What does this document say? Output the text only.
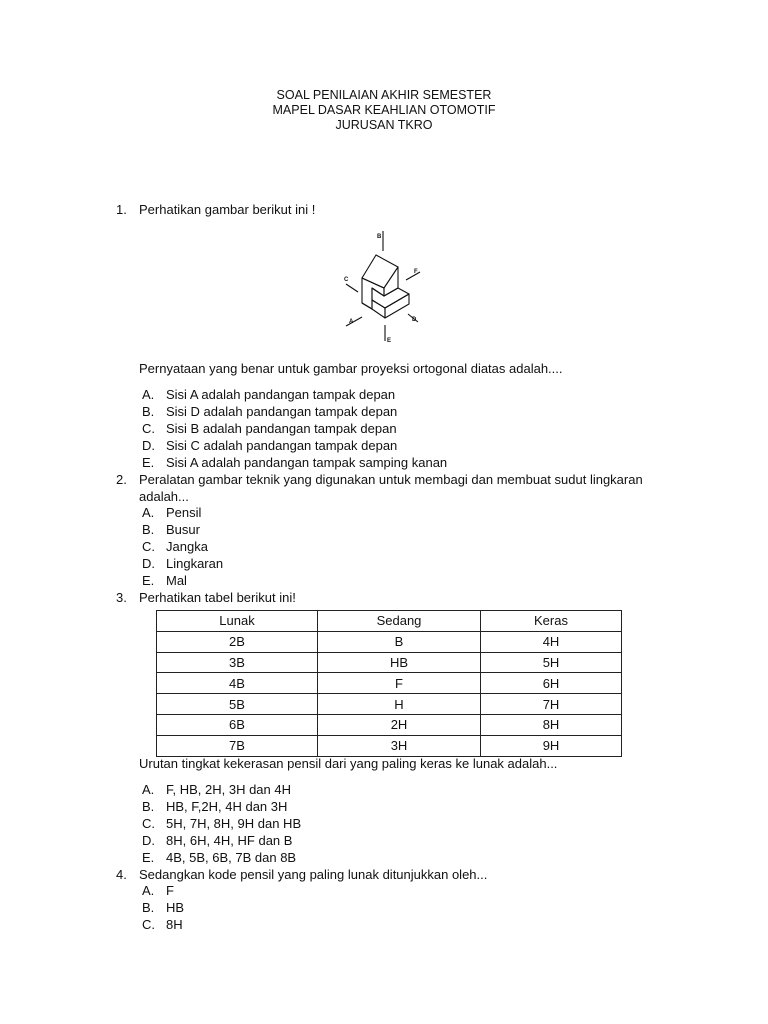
SOAL PENILAIAN AKHIR SEMESTER
MAPEL DASAR KEAHLIAN OTOMOTIF
JURUSAN TKRO
1. Perhatikan gambar berikut ini !
B
C
F
A	D
E
Pernyataan yang benar untuk gambar proyeksi ortogonal diatas adalah....
A. Sisi A adalah pandangan tampak depan
B. Sisi D adalah pandangan tampak depan
C. Sisi B adalah pandangan tampak depan
D. Sisi C adalah pandangan tampak depan
E. Sisi A adalah pandangan tampak samping kanan
2. Peralatan gambar teknik yang digunakan untuk membagi dan membuat sudut lingkaran
adalah...
A. Pensil
B. Busur
C. Jangka
D. Lingkaran
E. Mal
3. Perhatikan tabel berikut ini!
Lunak	Sedang	Keras
2B	B	4H
3B	HB	5H
4B	F	6H
5B	H	7H
6B	2H	8H
7B	3H	9H
Urutan tingkat kekerasan pensil dari yang paling keras ke lunak adalah...
A. F, HB, 2H, 3H dan 4H
B. HB, F,2H, 4H dan 3H
C. 5H, 7H, 8H, 9H dan HB
D. 8H, 6H, 4H, HF dan B
E. 4B, 5B, 6B, 7B dan 8B
4. Sedangkan kode pensil yang paling lunak ditunjukkan oleh...
A. F
B. HB
C. 8H
